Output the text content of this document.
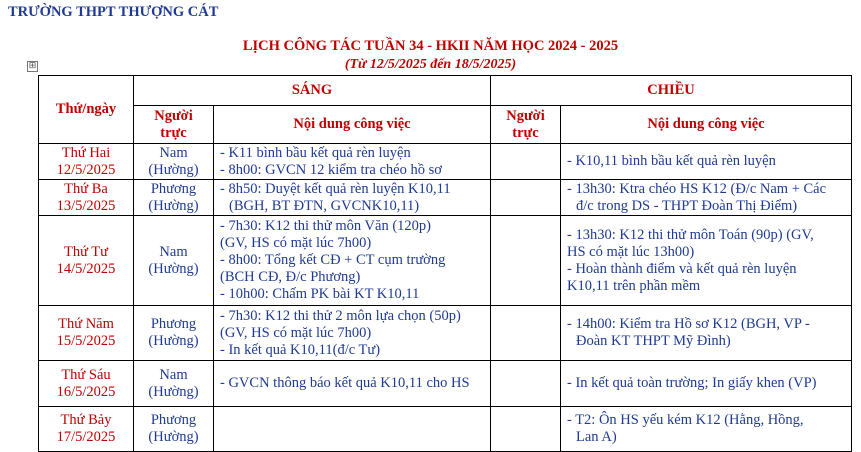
TRƯỜNG THPT THƯỢNG CÁT
LỊCH CÔNG TÁC TUẦN 34 - HKII NĂM HỌC 2024 - 2025
(Từ 12/5/2025 đến 18/5/2025)
⊞
Thứ/ngày	SÁNG		CHIỀU	

	Người
trực	Nội dung công việc	Người
trực	Nội dung công việc

Thứ Hai
12/5/2025	Nam
(Hường)	- K11 bình bầu kết quả rèn luyện
- 8h00: GVCN 12 kiểm tra chéo hồ sơ		- K10,11 bình bầu kết quả rèn luyện

Thứ Ba
13/5/2025	Phương
(Hường)	- 8h50: Duyệt kết quả rèn luyện K10,11
(BGH, BT ĐTN, GVCNK10,11)		- 13h30: Ktra chéo HS K12 (Đ/c Nam + Các
đ/c trong DS - THPT Đoàn Thị Điểm)

Thứ Tư
14/5/2025	Nam
(Hường)	- 7h30: K12 thi thử môn Văn (120p)
(GV, HS có mặt lúc 7h00)
- 8h00: Tổng kết CĐ + CT cụm trường
(BCH CĐ, Đ/c Phương)
- 10h00: Chấm PK bài KT K10,11		- 13h30: K12 thi thử môn Toán (90p) (GV,
HS có mặt lúc 13h00)
- Hoàn thành điểm và kết quả rèn luyện
K10,11 trên phần mềm

Thứ Năm
15/5/2025	Phương
(Hường)	- 7h30: K12 thi thử 2 môn lựa chọn (50p)
(GV, HS có mặt lúc 7h00)
- In kết quả K10,11(đ/c Tư)		- 14h00: Kiểm tra Hồ sơ K12 (BGH, VP -
Đoàn KT THPT Mỹ Đình)

Thứ Sáu
16/5/2025	Nam
(Hường)	- GVCN thông báo kết quả K10,11 cho HS		- In kết quả toàn trường; In giấy khen (VP)

Thứ Bảy
17/5/2025	Phương
(Hường)			- T2: Ôn HS yếu kém K12 (Hằng, Hồng,
Lan A)
